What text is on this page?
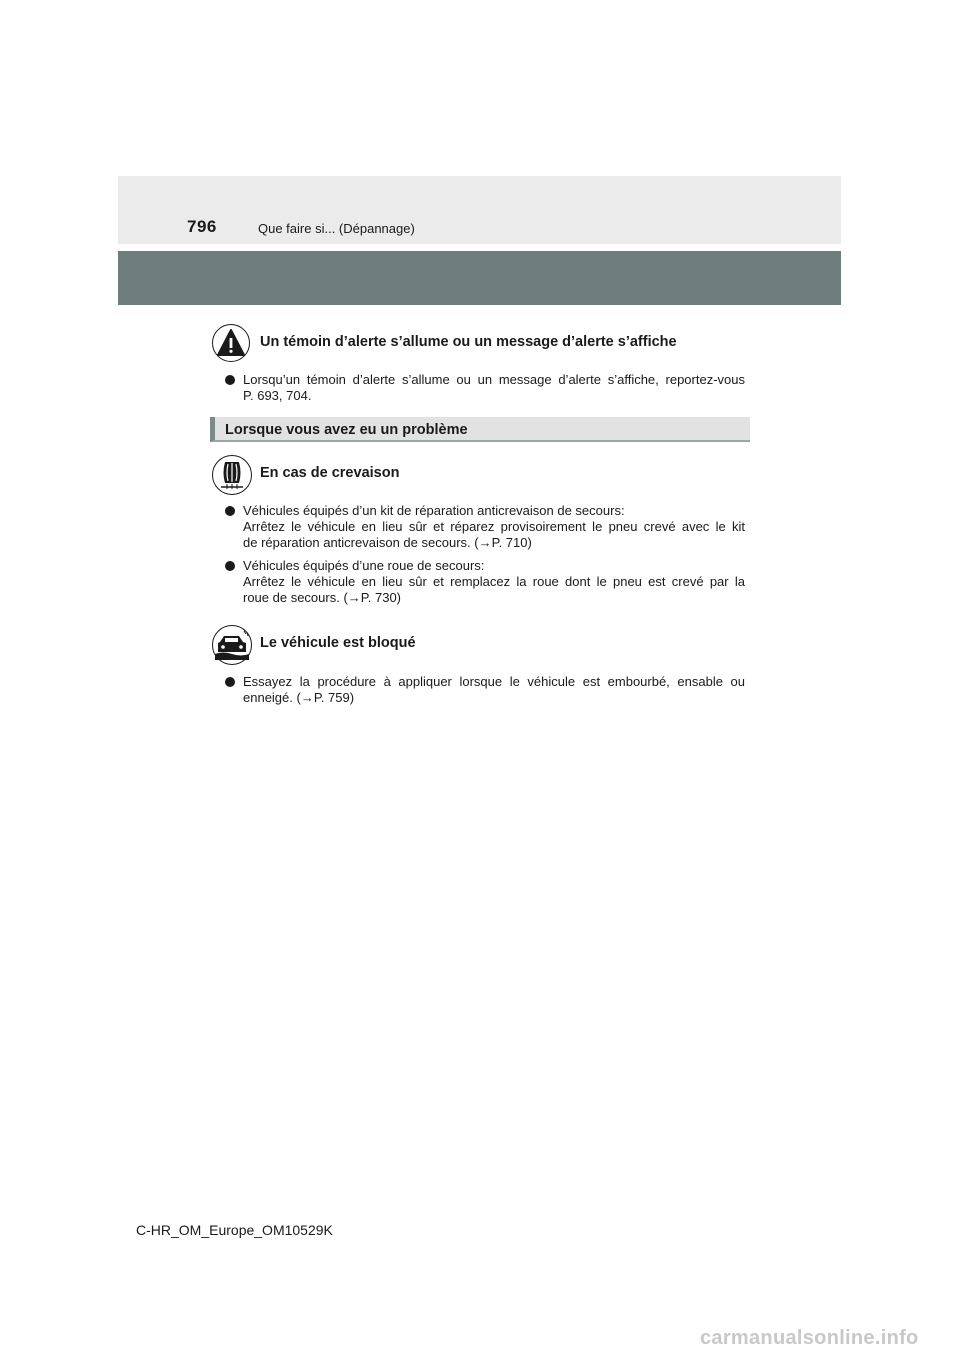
796	Que faire si... (Dépannage)
Un témoin d’alerte s’allume ou un message d’alerte s’affiche
Lorsqu’un témoin d’alerte s’allume ou un message d’alerte s’affiche, reportez-vous
P. 693, 704.
Lorsque vous avez eu un problème
En cas de crevaison
Véhicules équipés d’un kit de réparation anticrevaison de secours:
Arrêtez le véhicule en lieu sûr et réparez provisoirement le pneu crevé avec le kit
de réparation anticrevaison de secours. (→P. 710)
Véhicules équipés d’une roue de secours:
Arrêtez le véhicule en lieu sûr et remplacez la roue dont le pneu est crevé par la
roue de secours. (→P. 730)
Le véhicule est bloqué
Essayez la procédure à appliquer lorsque le véhicule est embourbé, ensable ou
enneigé. (→P. 759)
C-HR_OM_Europe_OM10529K
carmanualsonline.info
